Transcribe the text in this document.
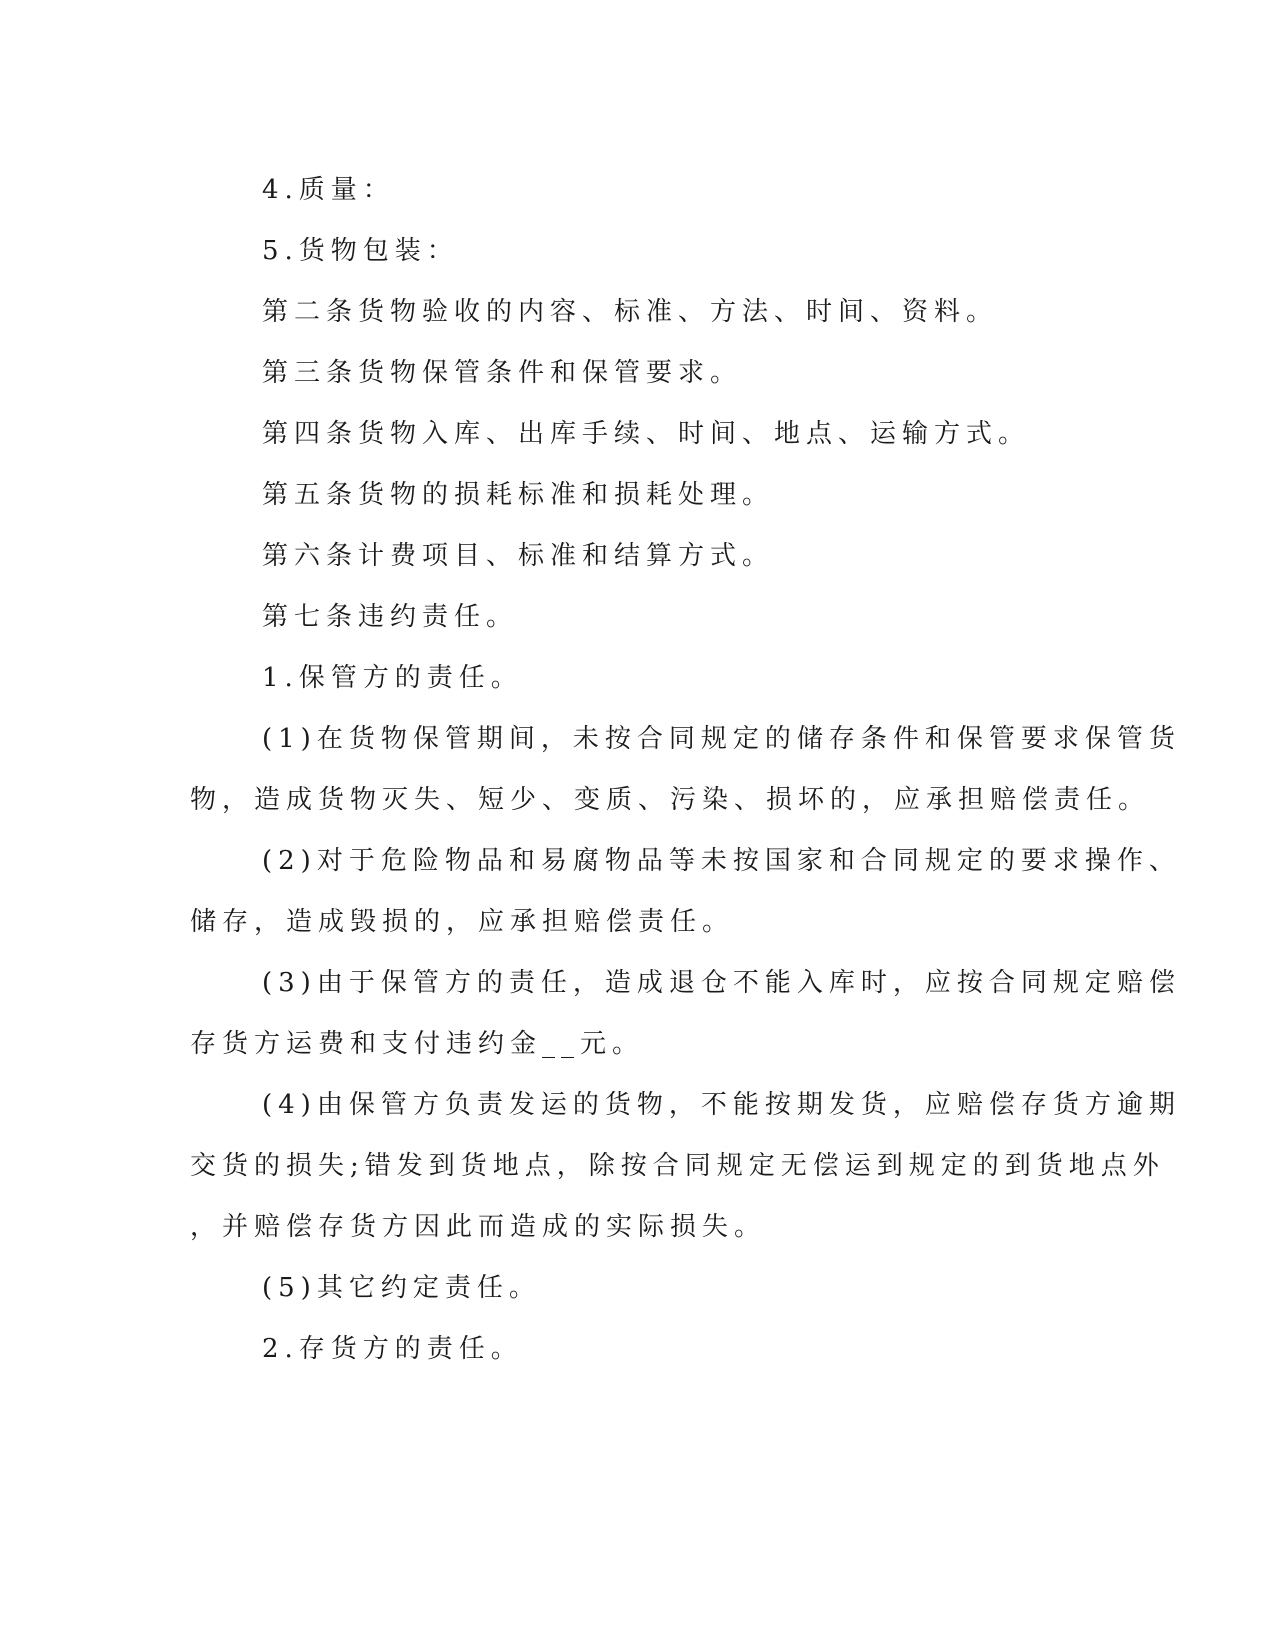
4.质量：
5.货物包装：
第二条货物验收的内容、标准、方法、时间、资料。
第三条货物保管条件和保管要求。
第四条货物入库、出库手续、时间、地点、运输方式。
第五条货物的损耗标准和损耗处理。
第六条计费项目、标准和结算方式。
第七条违约责任。
1.保管方的责任。
(1)在货物保管期间，未按合同规定的储存条件和保管要求保管货
物，造成货物灭失、短少、变质、污染、损坏的，应承担赔偿责任。
(2)对于危险物品和易腐物品等未按国家和合同规定的要求操作、
储存，造成毁损的，应承担赔偿责任。
(3)由于保管方的责任，造成退仓不能入库时，应按合同规定赔偿
存货方运费和支付违约金__元。
(4)由保管方负责发运的货物，不能按期发货，应赔偿存货方逾期
交货的损失;错发到货地点，除按合同规定无偿运到规定的到货地点外
，并赔偿存货方因此而造成的实际损失。
(5)其它约定责任。
2.存货方的责任。
